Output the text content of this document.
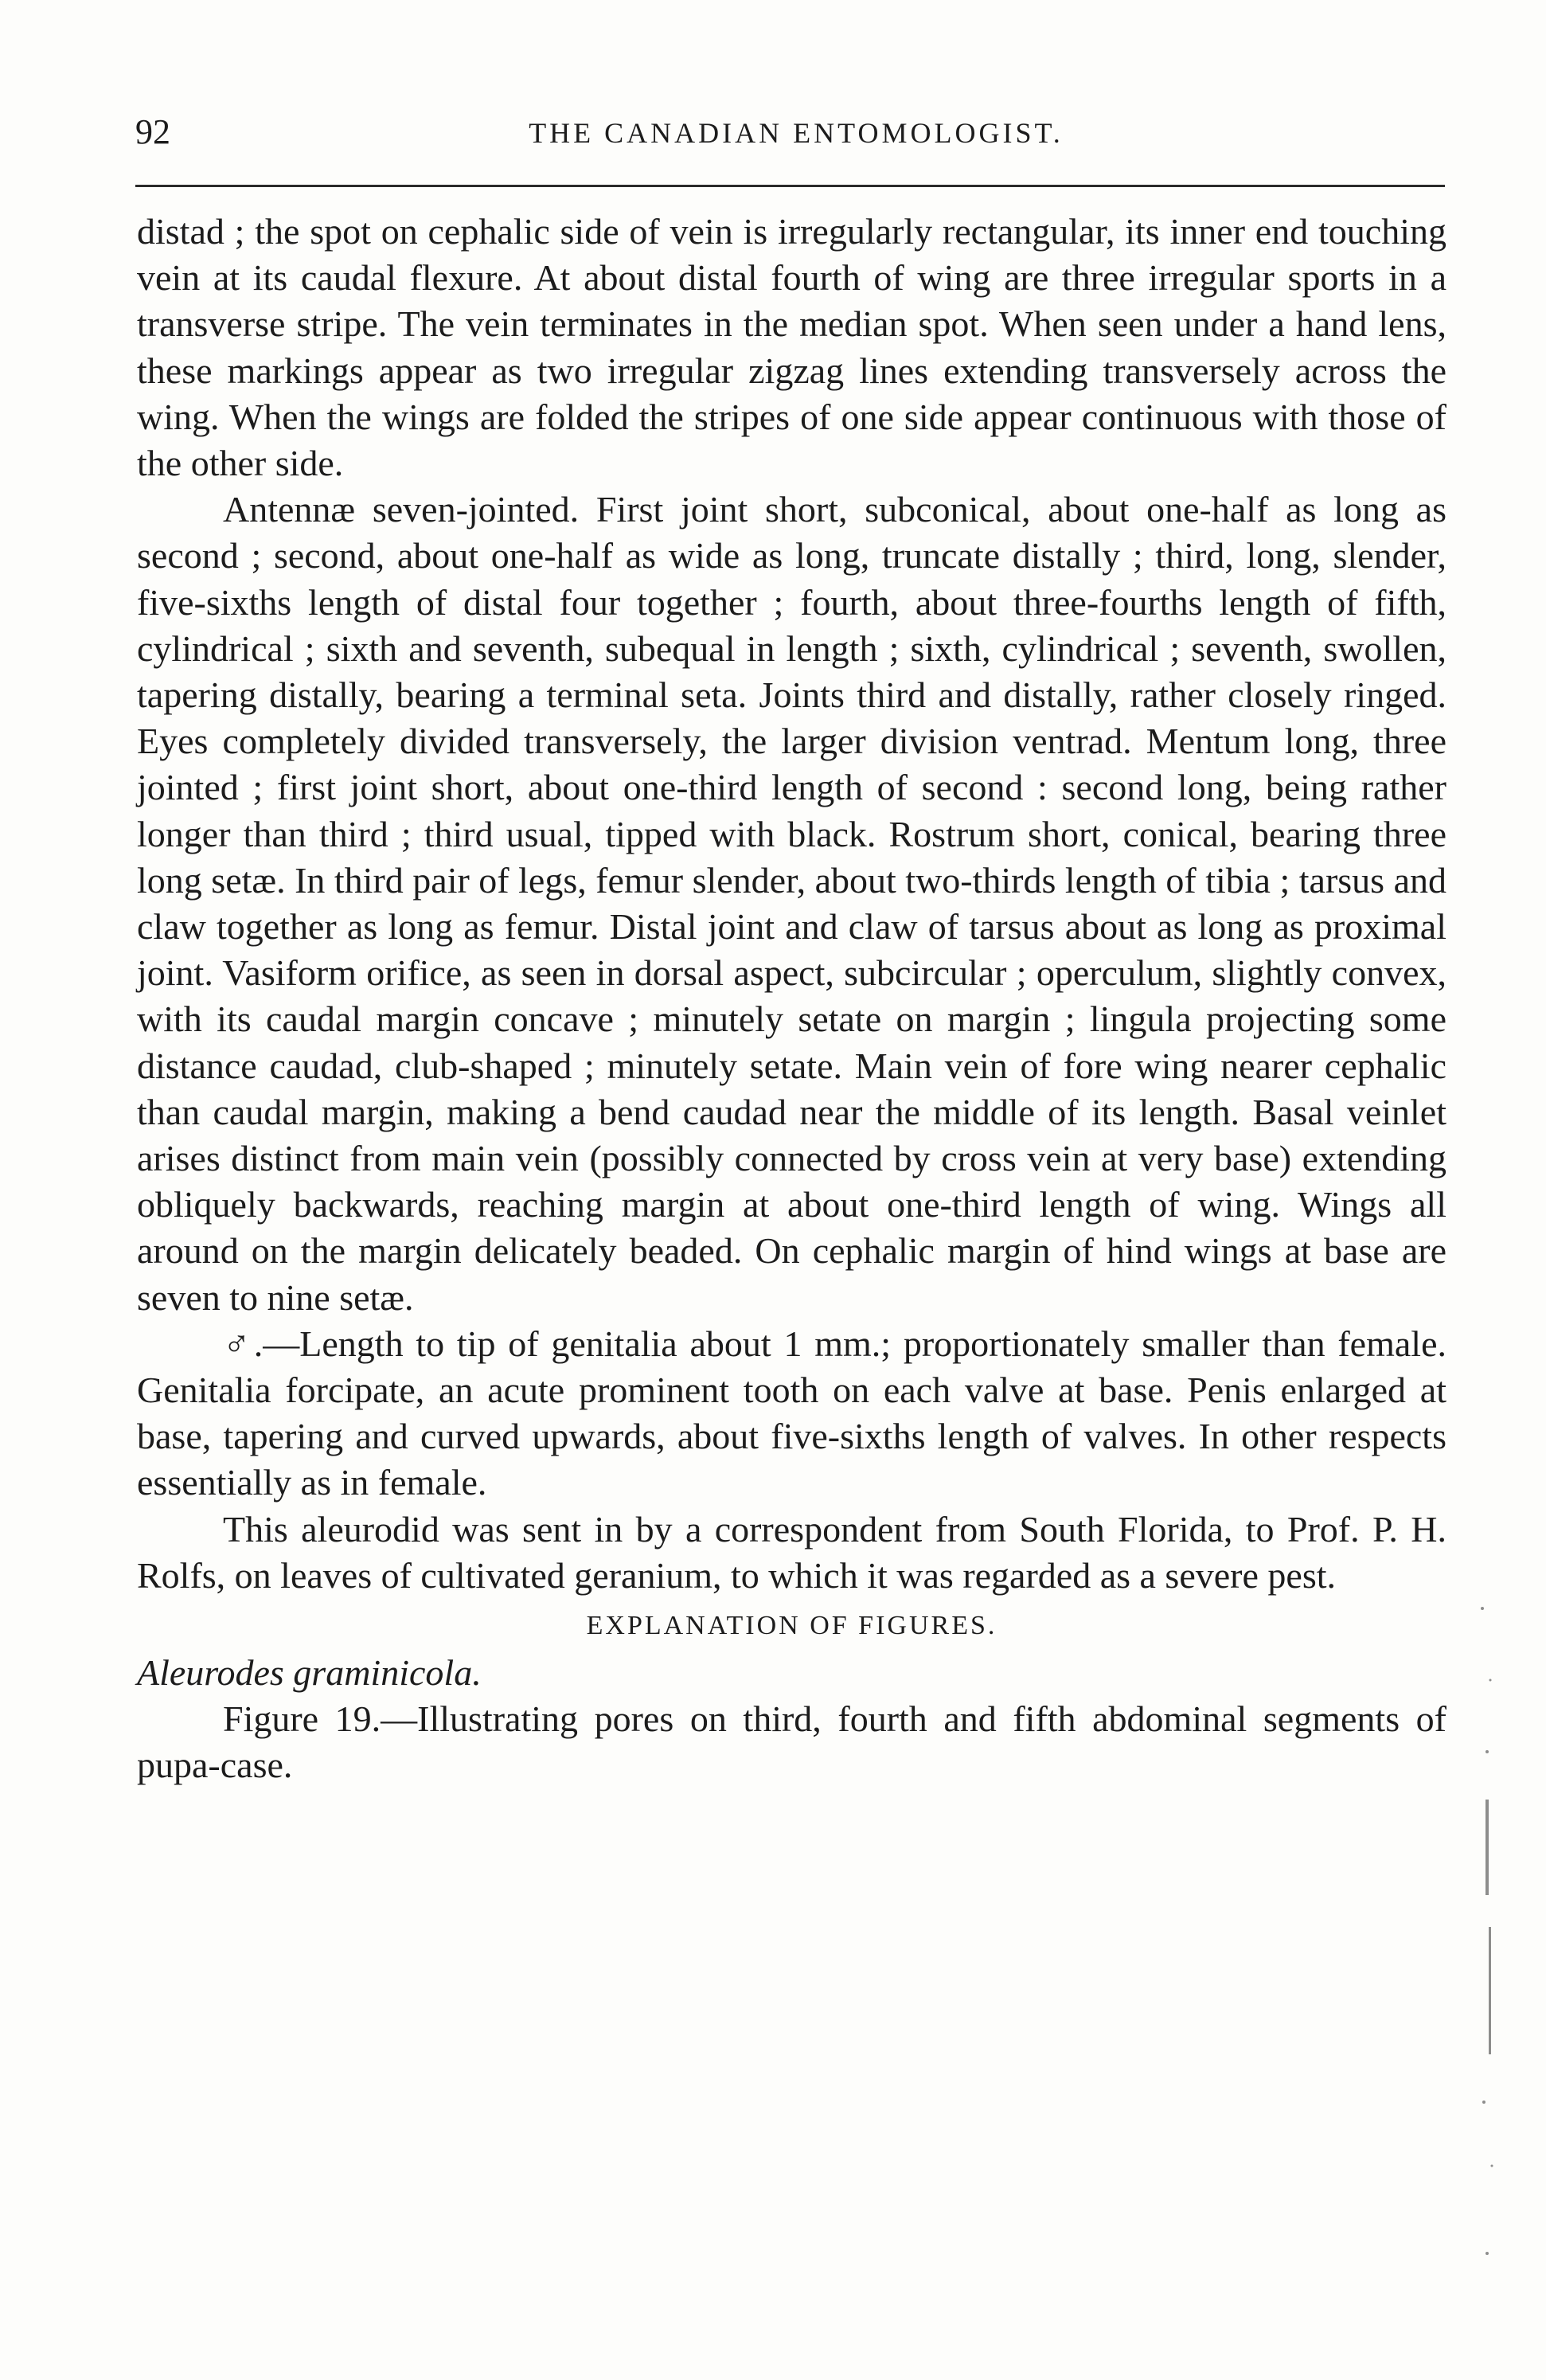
92	THE CANADIAN ENTOMOLOGIST.

distad ; the spot on cephalic side of vein is irregularly rectangular, its inner end touching vein at its caudal flexure. At about distal fourth of wing are three irregular sports in a transverse stripe. The vein terminates in the median spot. When seen under a hand lens, these markings appear as two irregular zigzag lines extending transversely across the wing. When the wings are folded the stripes of one side appear continuous with those of the other side.

Antennæ seven-jointed. First joint short, subconical, about one-half as long as second ; second, about one-half as wide as long, truncate distally ; third, long, slender, five-sixths length of distal four together ; fourth, about three-fourths length of fifth, cylindrical ; sixth and seventh, subequal in length ; sixth, cylindrical ; seventh, swollen, tapering distally, bearing a terminal seta. Joints third and distally, rather closely ringed. Eyes completely divided transversely, the larger division ventrad. Mentum long, three jointed ; first joint short, about one-third length of second : second long, being rather longer than third ; third usual, tipped with black. Rostrum short, conical, bearing three long setæ. In third pair of legs, femur slender, about two-thirds length of tibia ; tarsus and claw together as long as femur. Distal joint and claw of tarsus about as long as proximal joint. Vasiform orifice, as seen in dorsal aspect, subcircular ; operculum, slightly convex, with its caudal margin concave ; minutely setate on margin ; lingula projecting some distance caudad, club-shaped ; minutely setate. Main vein of fore wing nearer cephalic than caudal margin, making a bend caudad near the middle of its length. Basal veinlet arises distinct from main vein (possibly connected by cross vein at very base) extending obliquely backwards, reaching margin at about one-third length of wing. Wings all around on the margin delicately beaded. On cephalic margin of hind wings at base are seven to nine setæ.

♂.—Length to tip of genitalia about 1 mm.; proportionately smaller than female. Genitalia forcipate, an acute prominent tooth on each valve at base. Penis enlarged at base, tapering and curved upwards, about five-sixths length of valves. In other respects essentially as in female.

This aleurodid was sent in by a correspondent from South Florida, to Prof. P. H. Rolfs, on leaves of cultivated geranium, to which it was regarded as a severe pest.

EXPLANATION OF FIGURES.

Aleurodes graminicola.

Figure 19.—Illustrating pores on third, fourth and fifth abdominal segments of pupa-case.
